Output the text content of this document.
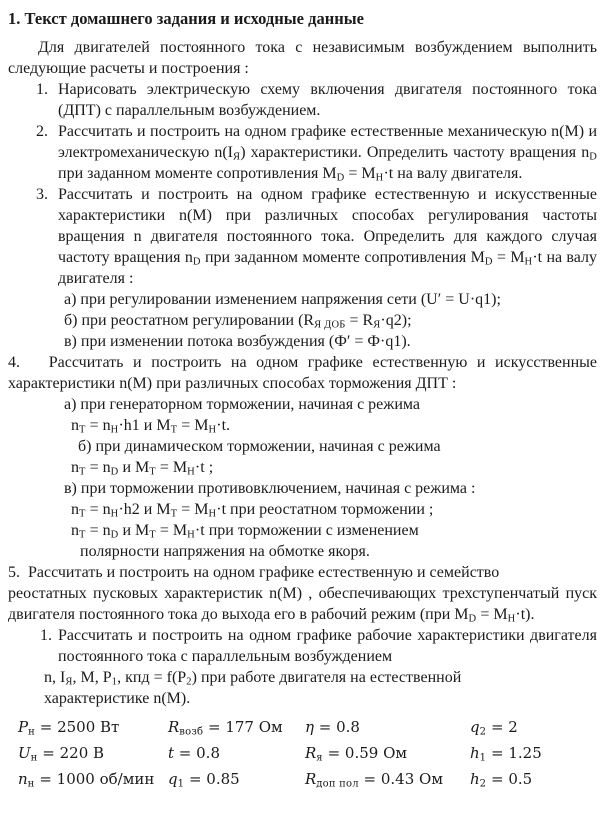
1. Текст домашнего задания и исходные данные

Для двигателей постоянного тока с независимым возбуждением выполнить следующие расчеты и построения :

1. Нарисовать электрическую схему включения двигателя постоянного тока (ДПТ) с параллельным возбуждением.
2. Рассчитать и построить на одном графике естественные механическую n(M) и электромеханическую $n(I_Я)$ характеристики. Определить частоту вращения $n_D$ при заданном моменте сопротивления $M_D = M_Н\cdot t$ на валу двигателя.
3. Рассчитать и построить на одном графике естественную и искусственные характеристики n(M) при различных способах регулирования частоты вращения n двигателя постоянного тока. Определить для каждого случая частоту вращения $n_D$ при заданном моменте сопротивления $M_D = M_Н\cdot t$ на валу двигателя :
а) при регулировании изменением напряжения сети (U′ = U·q1);
б) при реостатном регулировании $(R_{Я ДОБ} = R_Я\cdot q2)$;
в) при изменении потока возбуждения (Ф′ = Ф·q1).

4.   Рассчитать и построить на одном графике естественную и искусственные характеристики n(M) при различных способах торможения ДПТ :

а) при генераторном торможении, начиная с режима
$n_Т = n_Н\cdot h1$ и $M_Т = M_Н\cdot t$.
б) при динамическом торможении, начиная с режима
$n_Т = n_D$ и $M_Т = M_Н\cdot t$ ;
в) при торможении противовключением, начиная с режима :
$n_Т = n_Н\cdot h2$ и $M_Т = M_Н\cdot t$ при реостатном торможении ;
$n_Т = n_D$ и $M_Т = M_Н\cdot t$ при торможении с изменением
полярности напряжения на обмотке якоря.

5.  Рассчитать и построить на одном графике естественную и семейство
реостатных пусковых характеристик n(M) , обеспечивающих трехступенчатый пуск двигателя постоянного тока до выхода его в рабочий режим (при $M_D = M_Н\cdot t$).

1. Рассчитать и построить на одном графике рабочие характеристики двигателя постоянного тока с параллельным возбуждением
n, $I_Я$, M, $P_1$, кпд = $f(P_2)$ при работе двигателя на естественной
характеристике n(M).
$P_н = 2500$ Вт	$R_{возб} = 177$ Ом	η = 0.8	$q_2 = 2$
$U_н = 220$ В	t = 0.8	$R_я = 0.59$ Ом	$h_1 = 1.25$
$n_н = 1000$ об/мин $q_1 = 0.85$	$R_{доп пол} = 0.43$ Ом	$h_2 = 0.5$
